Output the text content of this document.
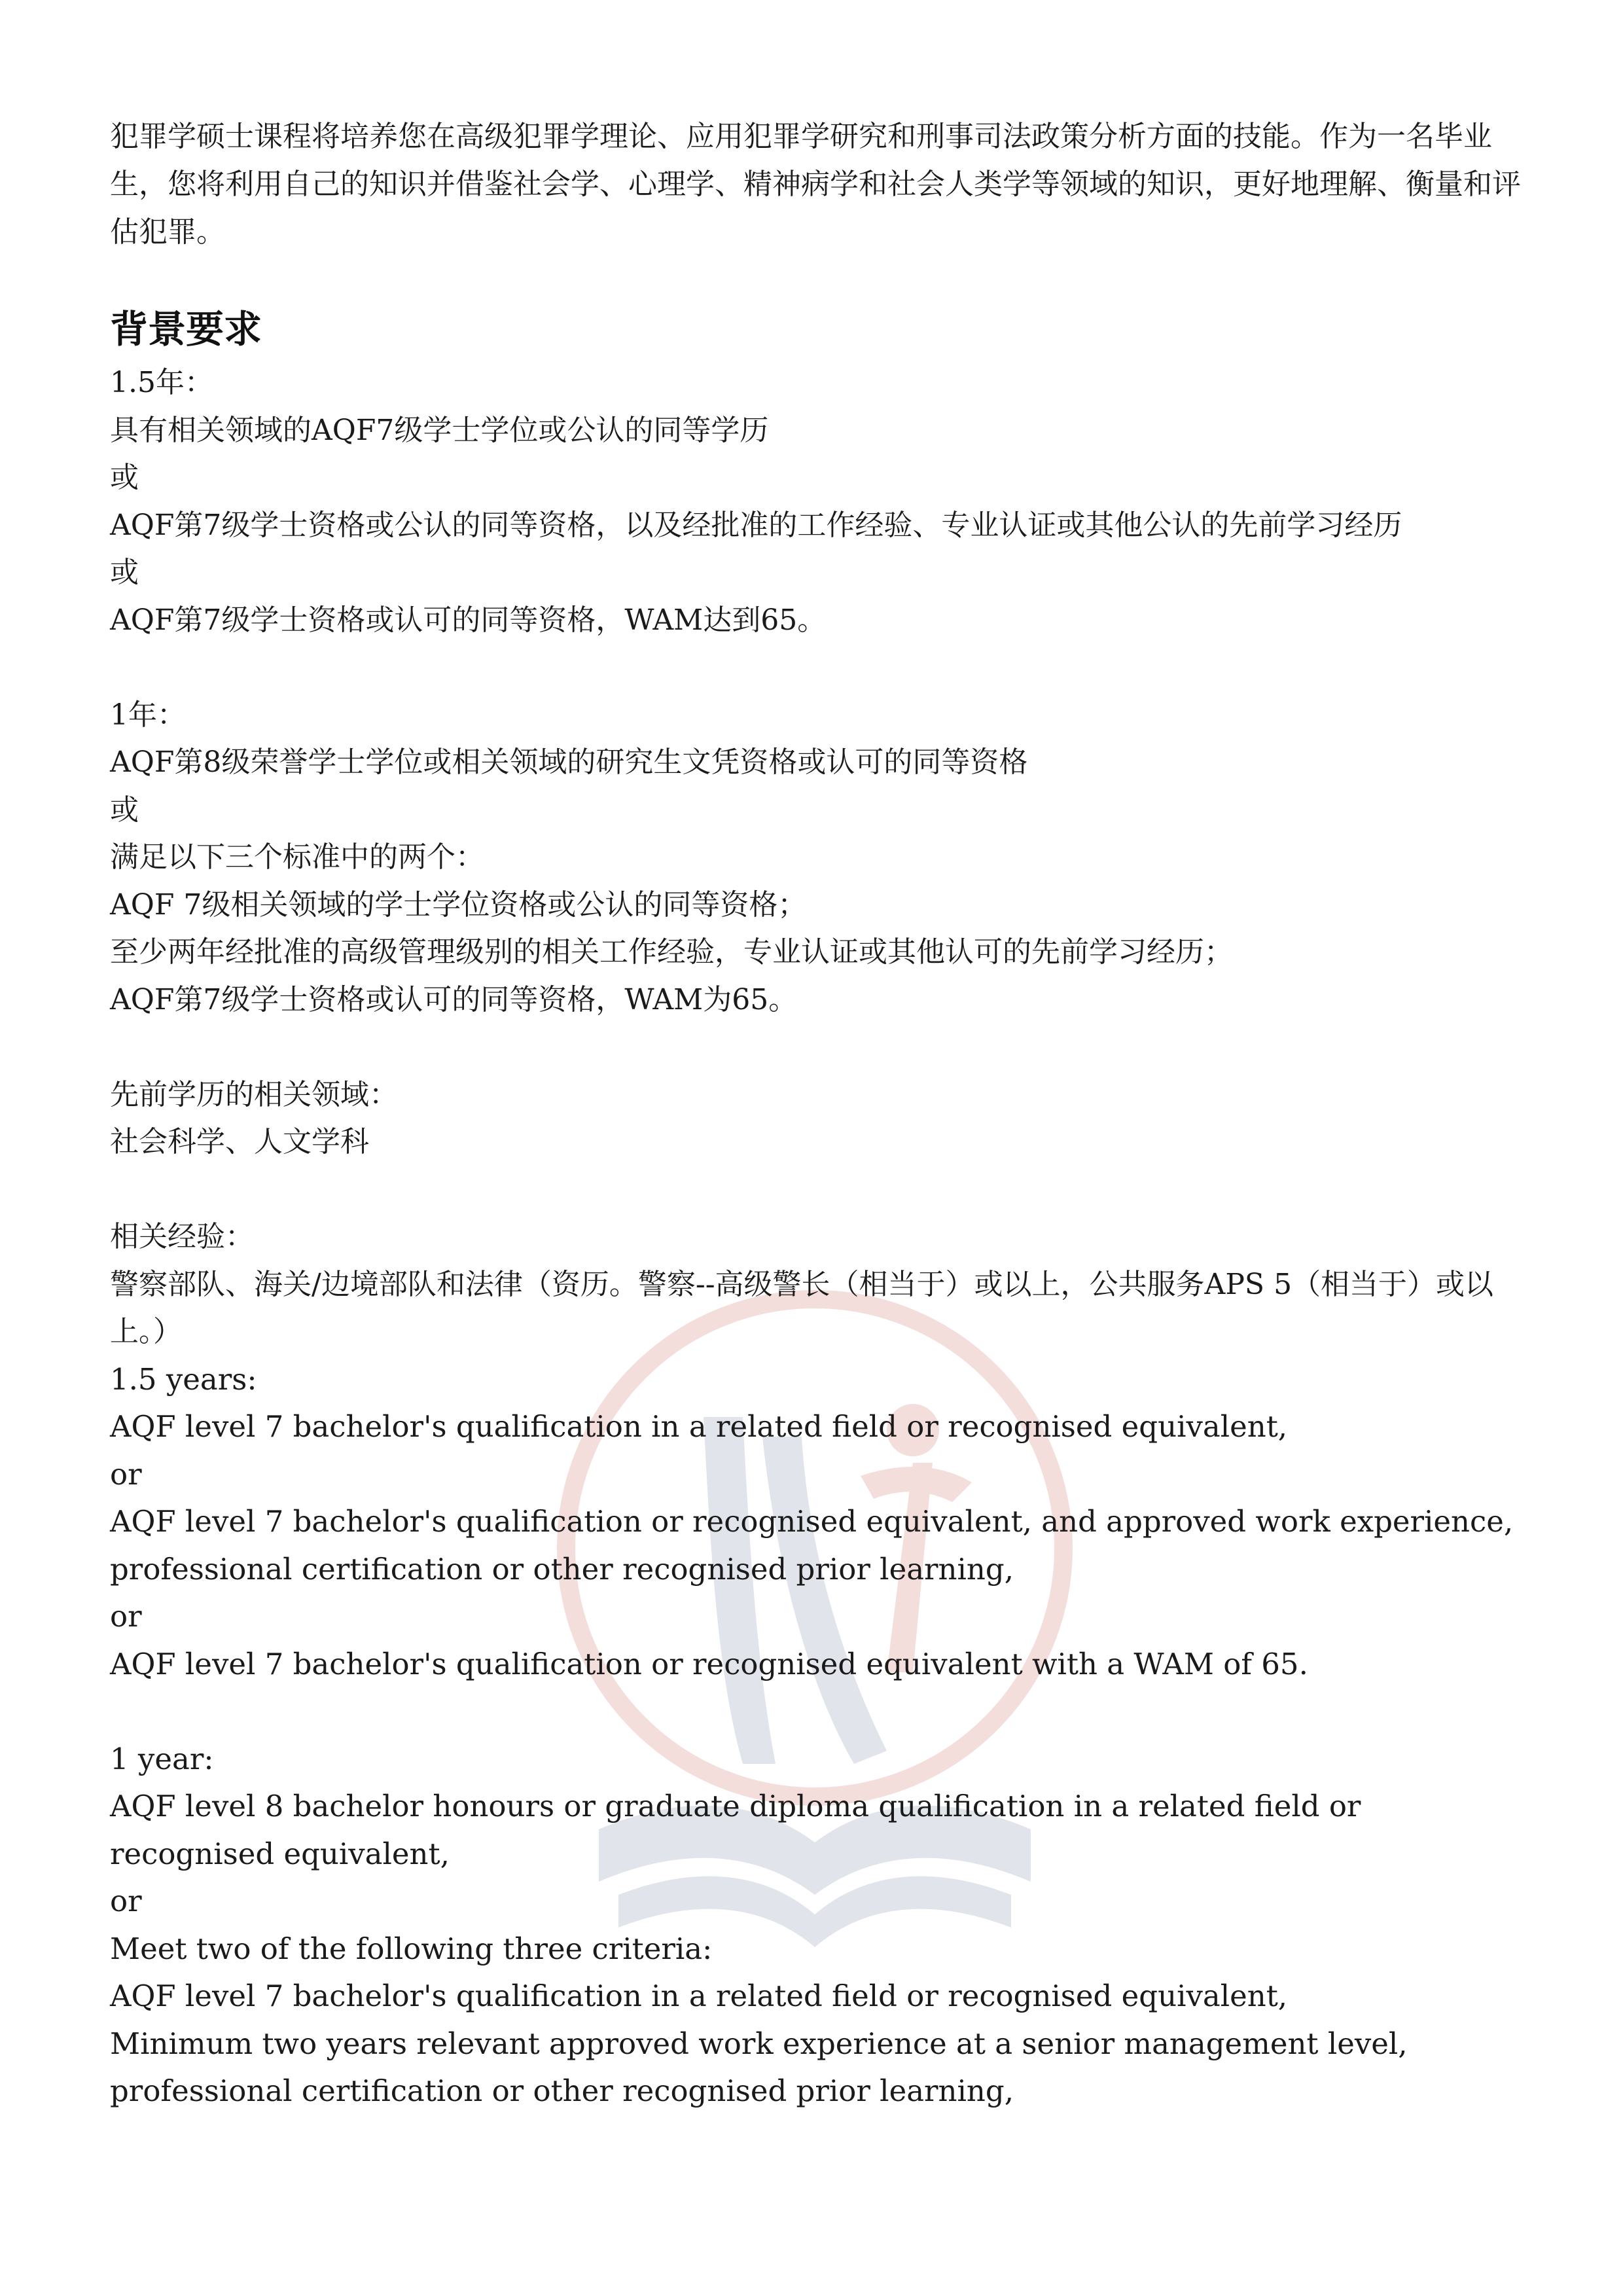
犯罪学硕士课程将培养您在高级犯罪学理论、应用犯罪学研究和刑事司法政策分析方面的技能。作为一名毕业生，您将利用自己的知识并借鉴社会学、心理学、精神病学和社会人类学等领域的知识，更好地理解、衡量和评估犯罪。

背景要求

1.5年：

具有相关领域的AQF7级学士学位或公认的同等学历

或

AQF第7级学士资格或公认的同等资格，以及经批准的工作经验、专业认证或其他公认的先前学习经历

或

AQF第7级学士资格或认可的同等资格，WAM达到65。

1年：

AQF第8级荣誉学士学位或相关领域的研究生文凭资格或认可的同等资格

或

满足以下三个标准中的两个：

AQF 7级相关领域的学士学位资格或公认的同等资格；

至少两年经批准的高级管理级别的相关工作经验，专业认证或其他认可的先前学习经历；

AQF第7级学士资格或认可的同等资格，WAM为65。

先前学历的相关领域：

社会科学、人文学科

相关经验：

警察部队、海关/边境部队和法律（资历。警察--高级警长（相当于）或以上，公共服务APS 5（相当于）或以上。）

1.5 years:

AQF level 7 bachelor's qualification in a related field or recognised equivalent,

or

AQF level 7 bachelor's qualification or recognised equivalent, and approved work experience, professional certification or other recognised prior learning,

or

AQF level 7 bachelor's qualification or recognised equivalent with a WAM of 65.

1 year:

AQF level 8 bachelor honours or graduate diploma qualification in a related field or recognised equivalent,

or

Meet two of the following three criteria:

AQF level 7 bachelor's qualification in a related field or recognised equivalent,

Minimum two years relevant approved work experience at a senior management level, professional certification or other recognised prior learning,
